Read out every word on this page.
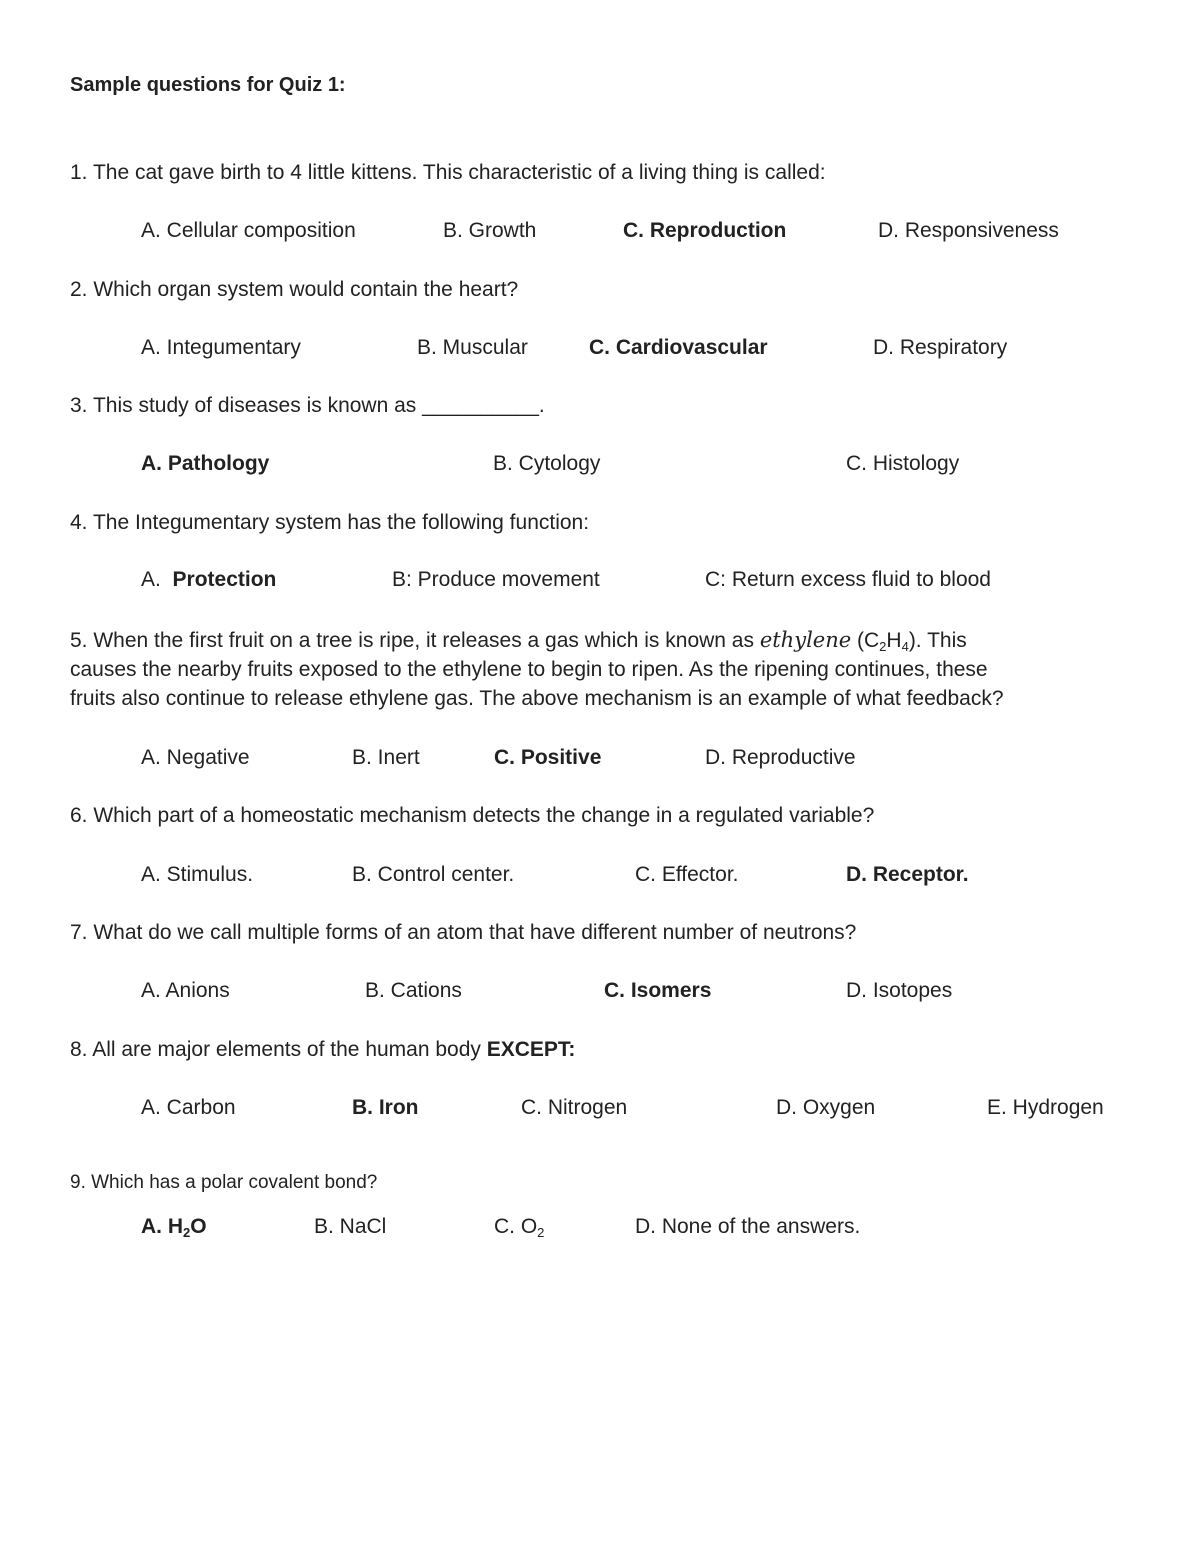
Sample questions for Quiz 1:
1. The cat gave birth to 4 little kittens. This characteristic of a living thing is called:
A. Cellular composition	B. Growth	C. Reproduction	D. Responsiveness
2. Which organ system would contain the heart?
A. Integumentary	B. Muscular	C. Cardiovascular	D. Respiratory
3. This study of diseases is known as __________.
A. Pathology	B. Cytology	C. Histology
4. The Integumentary system has the following function:
A. Protection	B: Produce movement	C: Return excess fluid to blood
5. When the first fruit on a tree is ripe, it releases a gas which is known as ethylene $(C_2H_4)$. This
causes the nearby fruits exposed to the ethylene to begin to ripen. As the ripening continues, these
fruits also continue to release ethylene gas. The above mechanism is an example of what feedback?
A. Negative	B. Inert	C. Positive	D. Reproductive
6. Which part of a homeostatic mechanism detects the change in a regulated variable?
A. Stimulus.	B. Control center.	C. Effector.	D. Receptor.
7. What do we call multiple forms of an atom that have different number of neutrons?
A. Anions	B. Cations	C. Isomers	D. Isotopes
8. All are major elements of the human body EXCEPT:
A. Carbon	B. Iron	C. Nitrogen	D. Oxygen	E. Hydrogen
9. Which has a polar covalent bond?
A. $H_2O$	B. NaCl	C. $O_2$	D. None of the answers.
